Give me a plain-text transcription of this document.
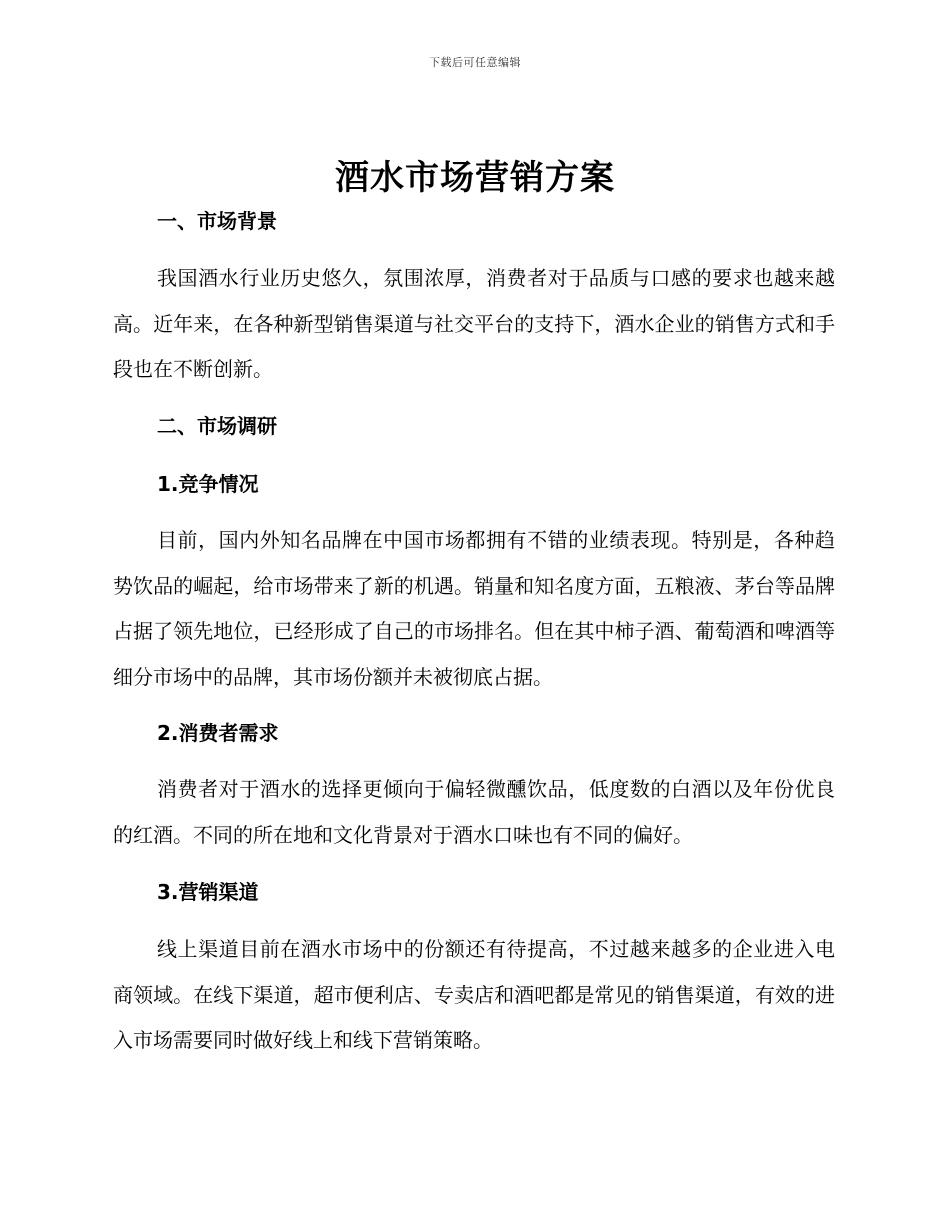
下载后可任意编辑
酒水市场营销方案
一、市场背景

我国酒水行业历史悠久，氛围浓厚，消费者对于品质与口感的要求也越来越高。近年来，在各种新型销售渠道与社交平台的支持下，酒水企业的销售方式和手段也在不断创新。

二、市场调研
1.竞争情况

目前，国内外知名品牌在中国市场都拥有不错的业绩表现。特别是，各种趋势饮品的崛起，给市场带来了新的机遇。销量和知名度方面，五粮液、茅台等品牌占据了领先地位，已经形成了自己的市场排名。但在其中柿子酒、葡萄酒和啤酒等细分市场中的品牌，其市场份额并未被彻底占据。

2.消费者需求

消费者对于酒水的选择更倾向于偏轻微醺饮品，低度数的白酒以及年份优良的红酒。不同的所在地和文化背景对于酒水口味也有不同的偏好。

3.营销渠道

线上渠道目前在酒水市场中的份额还有待提高，不过越来越多的企业进入电商领域。在线下渠道，超市便利店、专卖店和酒吧都是常见的销售渠道，有效的进入市场需要同时做好线上和线下营销策略。
